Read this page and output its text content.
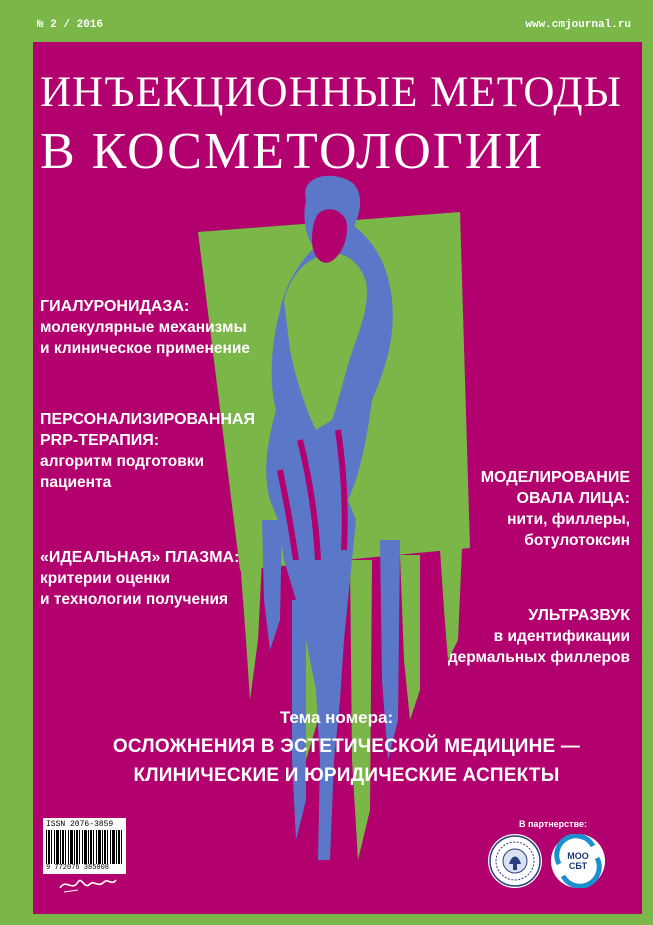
№ 2 / 2016	www.cmjournal.ru
ИНЪЕКЦИОННЫЕ МЕТОДЫ
В КОСМЕТОЛОГИИ
ГИАЛУРОНИДАЗА:
молекулярные механизмы
и клиническое применение
ПЕРСОНАЛИЗИРОВАННАЯ
PRP-ТЕРАПИЯ:
алгоритм подготовки
пациента
«ИДЕАЛЬНАЯ» ПЛАЗМА:
критерии оценки
и технологии получения
МОДЕЛИРОВАНИЕ
ОВАЛА ЛИЦА:
нити, филлеры,
ботулотоксин
УЛЬТРАЗВУК
в идентификации
дермальных филлеров
Тема номера:
ОСЛОЖНЕНИЯ В ЭСТЕТИЧЕСКОЙ МЕДИЦИНЕ —
КЛИНИЧЕСКИЕ И ЮРИДИЧЕСКИЕ АСПЕКТЫ
ISSN 2076-3859
9 772076 385008
В партнерстве:
МОО СБТ
